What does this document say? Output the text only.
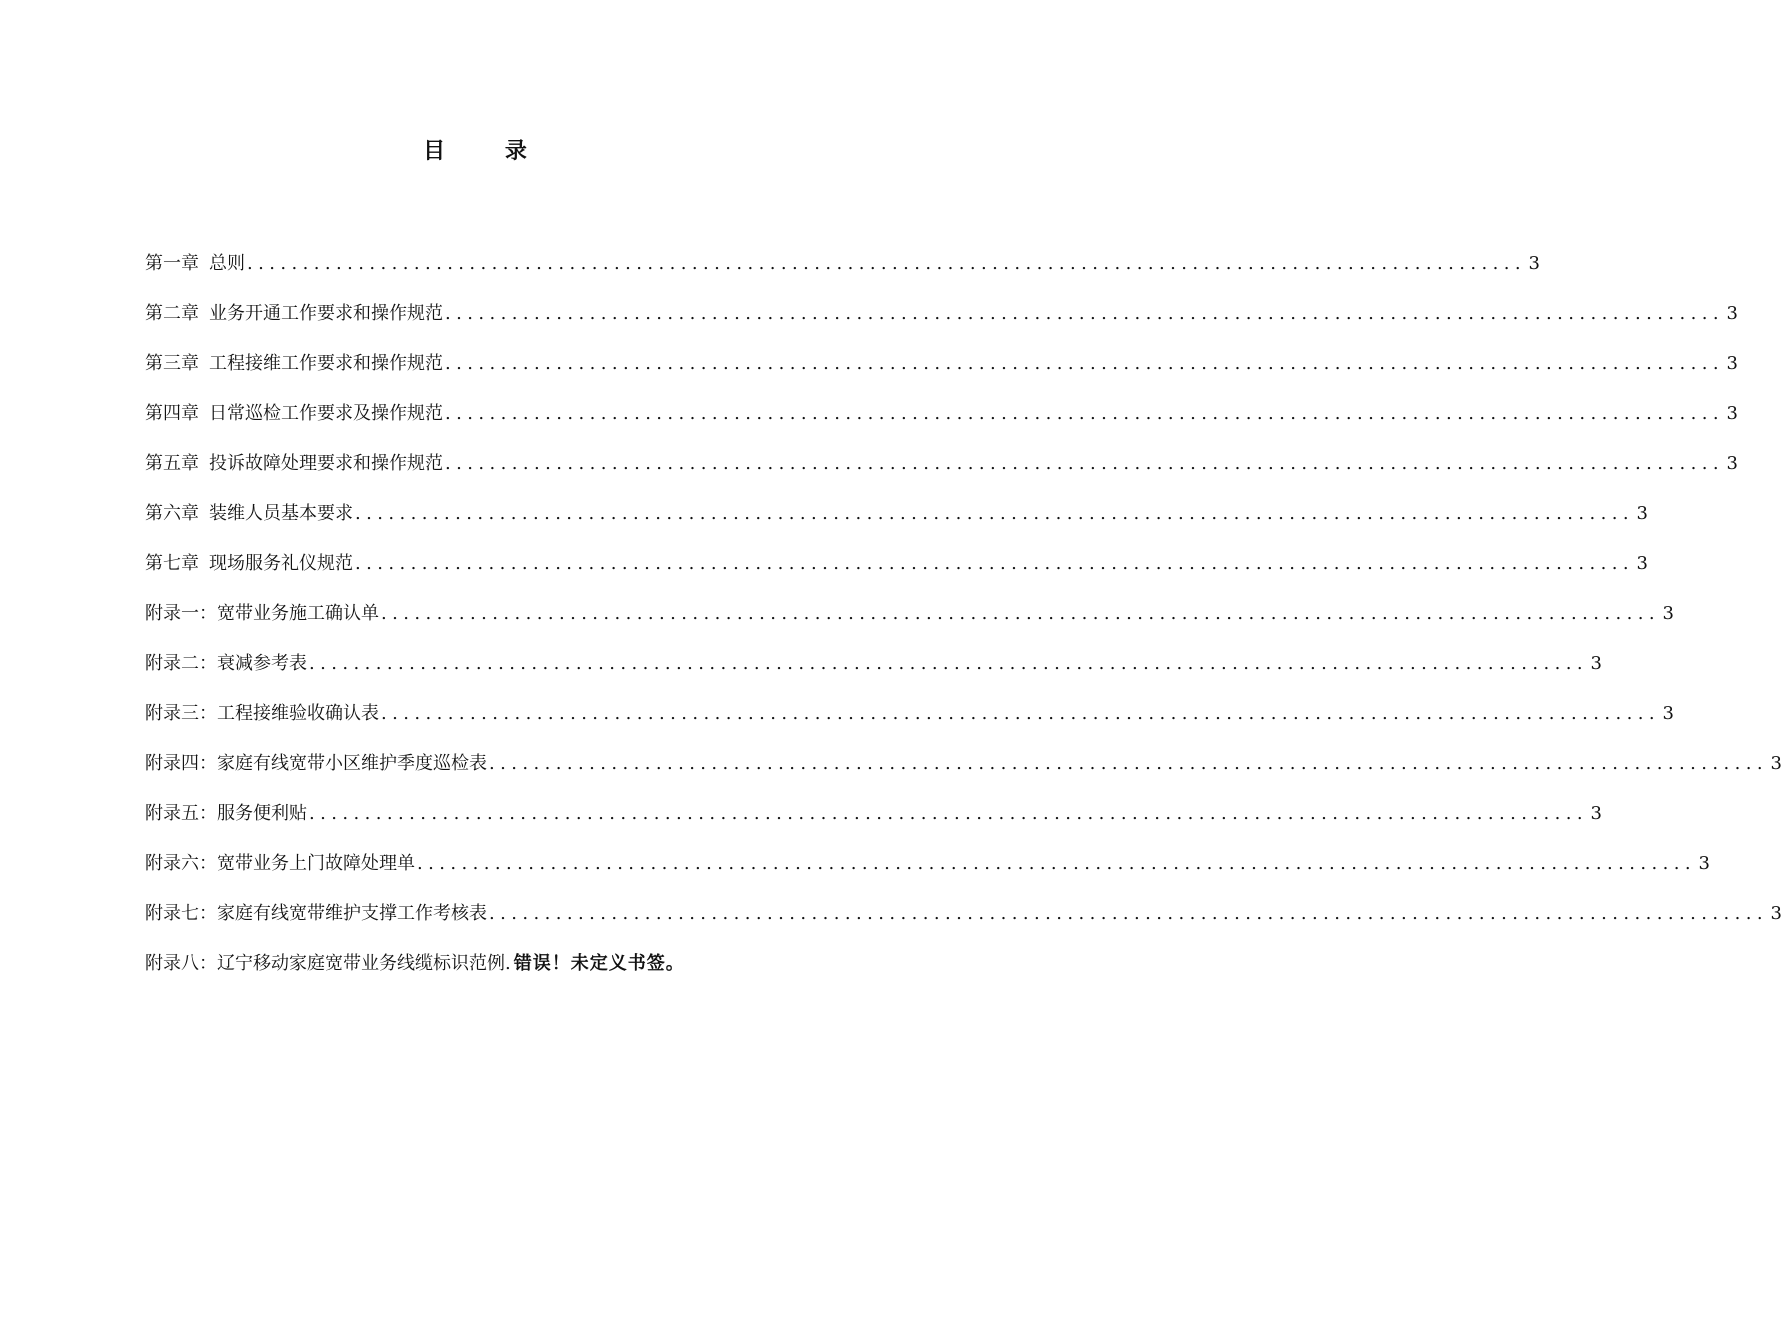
目 录
第一章 总则 ................................................................................................................... 3
第二章 业务开通工作要求和操作规范 ................................................................................................................... 3
第三章 工程接维工作要求和操作规范 ................................................................................................................... 3
第四章 日常巡检工作要求及操作规范 ................................................................................................................... 3
第五章 投诉故障处理要求和操作规范 ................................................................................................................... 3
第六章 装维人员基本要求 ................................................................................................................... 3
第七章 现场服务礼仪规范 ................................................................................................................... 3
附录一：宽带业务施工确认单 ................................................................................................................... 3
附录二：衰减参考表 ................................................................................................................... 3
附录三：工程接维验收确认表 ................................................................................................................... 3
附录四：家庭有线宽带小区维护季度巡检表 ................................................................................................................... 3
附录五：服务便利贴 ................................................................................................................... 3
附录六：宽带业务上门故障处理单 ................................................................................................................... 3
附录七：家庭有线宽带维护支撑工作考核表 ................................................................................................................... 3
附录八：辽宁移动家庭宽带业务线缆标识范例 . 错误！未定义书签。
